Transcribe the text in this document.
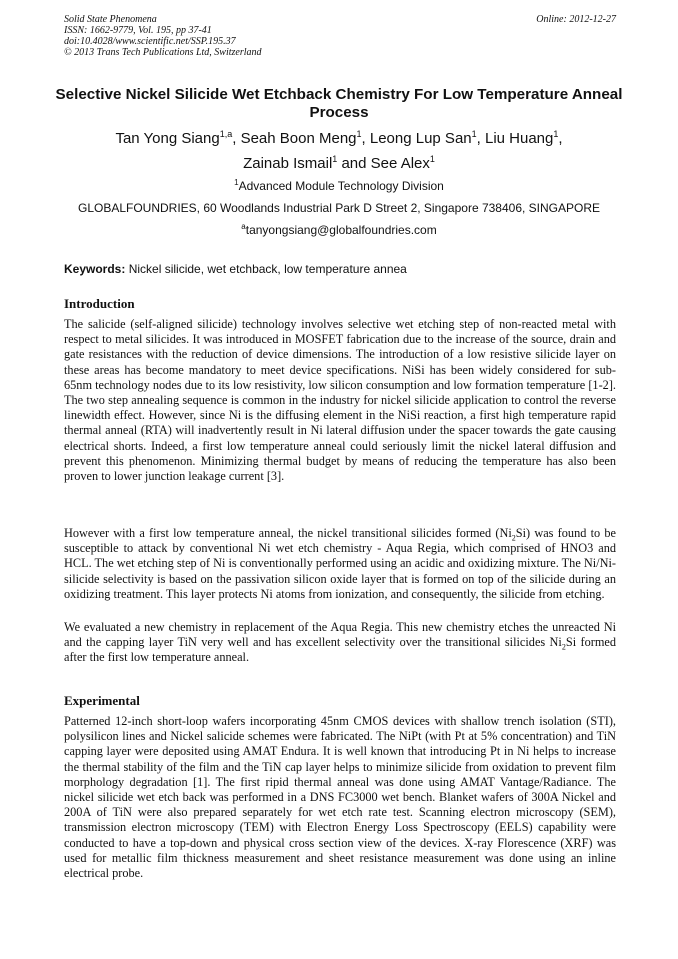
Solid State Phenomena
ISSN: 1662-9779, Vol. 195, pp 37-41
doi:10.4028/www.scientific.net/SSP.195.37
© 2013 Trans Tech Publications Ltd, Switzerland
Online: 2012-12-27
Selective Nickel Silicide Wet Etchback Chemistry For Low Temperature Anneal Process
Tan Yong Siang$^{1,a}$, Seah Boon Meng$^1$, Leong Lup San$^1$, Liu Huang$^1$,
Zainab Ismail$^1$ and See Alex$^1$
$^1$Advanced Module Technology Division
GLOBALFOUNDRIES, 60 Woodlands Industrial Park D Street 2, Singapore 738406, SINGAPORE
$^a$tanyongsiang@globalfoundries.com
Keywords: Nickel silicide, wet etchback, low temperature annea
Introduction

The salicide (self-aligned silicide) technology involves selective wet etching step of non-reacted metal with respect to metal silicides. It was introduced in MOSFET fabrication due to the increase of the source, drain and gate resistances with the reduction of device dimensions. The introduction of a low resistive silicide layer on these areas has become mandatory to meet device specifications. NiSi has been widely considered for sub-65nm technology nodes due to its low resistivity, low silicon consumption and low formation temperature [1-2]. The two step annealing sequence is common in the industry for nickel silicide application to control the reverse linewidth effect. However, since Ni is the diffusing element in the NiSi reaction, a first high temperature rapid thermal anneal (RTA) will inadvertently result in Ni lateral diffusion under the spacer towards the gate causing electrical shorts. Indeed, a first low temperature anneal could seriously limit the nickel lateral diffusion and prevent this phenomenon. Minimizing thermal budget by means of reducing the temperature has also been proven to lower junction leakage current [3].

However with a first low temperature anneal, the nickel transitional silicides formed $(Ni_2Si)$ was found to be susceptible to attack by conventional Ni wet etch chemistry - Aqua Regia, which comprised of HNO3 and HCL. The wet etching step of Ni is conventionally performed using an acidic and oxidizing mixture. The Ni/Ni-silicide selectivity is based on the passivation silicon oxide layer that is formed on top of the silicide during an oxidizing treatment. This layer protects Ni atoms from ionization, and consequently, the silicide from etching.

We evaluated a new chemistry in replacement of the Aqua Regia. This new chemistry etches the unreacted Ni and the capping layer TiN very well and has excellent selectivity over the transitional silicides $Ni_2Si$ formed after the first low temperature anneal.

Experimental

Patterned 12-inch short-loop wafers incorporating 45nm CMOS devices with shallow trench isolation (STI), polysilicon lines and Nickel salicide schemes were fabricated. The NiPt (with Pt at 5% concentration) and TiN capping layer were deposited using AMAT Endura. It is well known that introducing Pt in Ni helps to increase the thermal stability of the film and the TiN cap layer helps to minimize silicide from oxidation to prevent film morphology degradation [1]. The first ripid thermal anneal was done using AMAT Vantage/Radiance. The nickel silicide wet etch back was performed in a DNS FC3000 wet bench. Blanket wafers of 300A Nickel and 200A of TiN were also prepared separately for wet etch rate test. Scanning electron microscopy (SEM), transmission electron microscopy (TEM) with Electron Energy Loss Spectroscopy (EELS) capability were conducted to have a top-down and physical cross section view of the devices. X-ray Florescence (XRF) was used for metallic film thickness measurement and sheet resistance measurement was done using an inline electrical probe.
